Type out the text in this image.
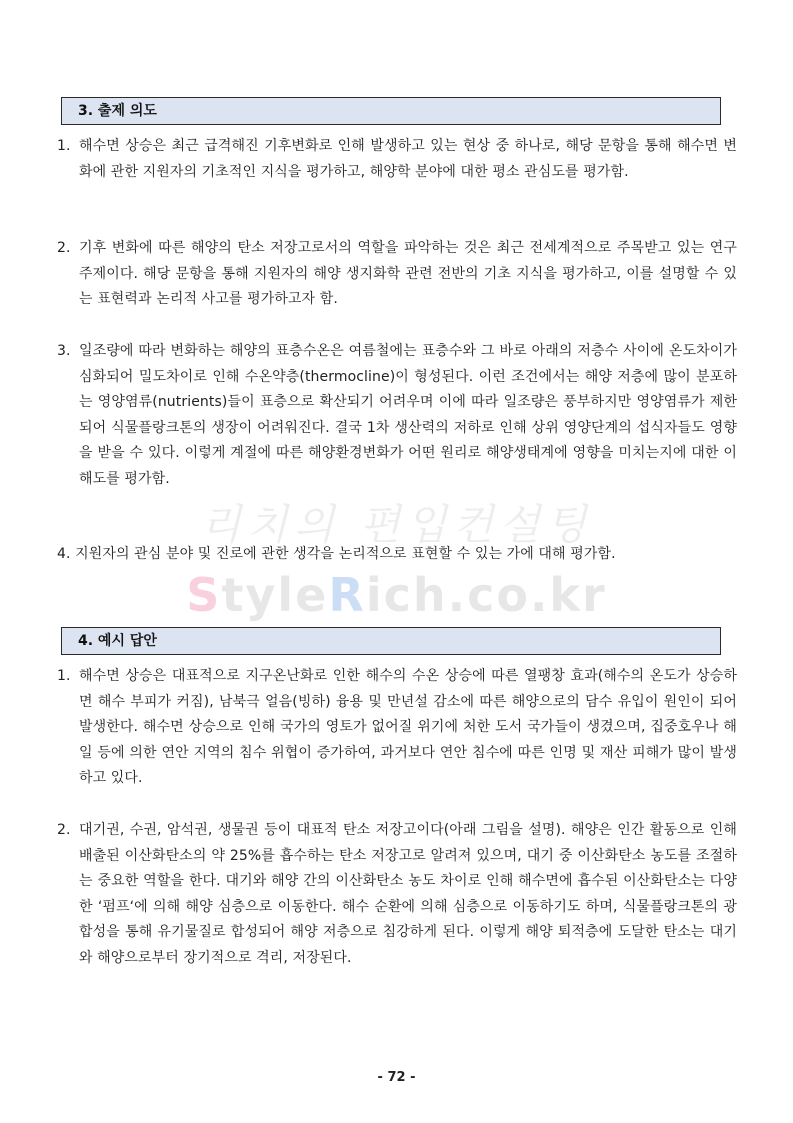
3. 출제 의도
1. 해수면 상승은 최근 급격해진 기후변화로 인해 발생하고 있는 현상 중 하나로, 해당 문항을 통해 해수면 변화에 관한 지원자의 기초적인 지식을 평가하고, 해양학 분야에 대한 평소 관심도를 평가함.
2. 기후 변화에 따른 해양의 탄소 저장고로서의 역할을 파악하는 것은 최근 전세계적으로 주목받고 있는 연구 주제이다. 해당 문항을 통해 지원자의 해양 생지화학 관련 전반의 기초 지식을 평가하고, 이를 설명할 수 있는 표현력과 논리적 사고를 평가하고자 함.
3. 일조량에 따라 변화하는 해양의 표층수온은 여름철에는 표층수와 그 바로 아래의 저층수 사이에 온도차이가 심화되어 밀도차이로 인해 수온약층(thermocline)이 형성된다. 이런 조건에서는 해양 저층에 많이 분포하는 영양염류(nutrients)들이 표층으로 확산되기 어려우며 이에 따라 일조량은 풍부하지만 영양염류가 제한되어 식물플랑크톤의 생장이 어려워진다. 결국 1차 생산력의 저하로 인해 상위 영양단계의 섭식자들도 영향을 받을 수 있다. 이렇게 계절에 따른 해양환경변화가 어떤 원리로 해양생태계에 영향을 미치는지에 대한 이해도를 평가함.
4. 지원자의 관심 분야 및 진로에 관한 생각을 논리적으로 표현할 수 있는 가에 대해 평가함.
리치의 편입컨설팅
StyleRich.co.kr
4. 예시 답안
1. 해수면 상승은 대표적으로 지구온난화로 인한 해수의 수온 상승에 따른 열팽창 효과(해수의 온도가 상승하면 해수 부피가 커짐), 남북극 얼음(빙하) 융용 및 만년설 감소에 따른 해양으로의 담수 유입이 원인이 되어 발생한다. 해수면 상승으로 인해 국가의 영토가 없어질 위기에 처한 도서 국가들이 생겼으며, 집중호우나 해일 등에 의한 연안 지역의 침수 위협이 증가하여, 과거보다 연안 침수에 따른 인명 및 재산 피해가 많이 발생하고 있다.
2. 대기권, 수권, 암석권, 생물권 등이 대표적 탄소 저장고이다(아래 그림을 설명). 해양은 인간 활동으로 인해 배출된 이산화탄소의 약 25%를 흡수하는 탄소 저장고로 알려져 있으며, 대기 중 이산화탄소 농도를 조절하는 중요한 역할을 한다. 대기와 해양 간의 이산화탄소 농도 차이로 인해 해수면에 흡수된 이산화탄소는 다양한 ‘펌프‘에 의해 해양 심층으로 이동한다. 해수 순환에 의해 심층으로 이동하기도 하며, 식물플랑크톤의 광합성을 통해 유기물질로 합성되어 해양 저층으로 침강하게 된다. 이렇게 해양 퇴적층에 도달한 탄소는 대기와 해양으로부터 장기적으로 격리, 저장된다.
- 72 -
